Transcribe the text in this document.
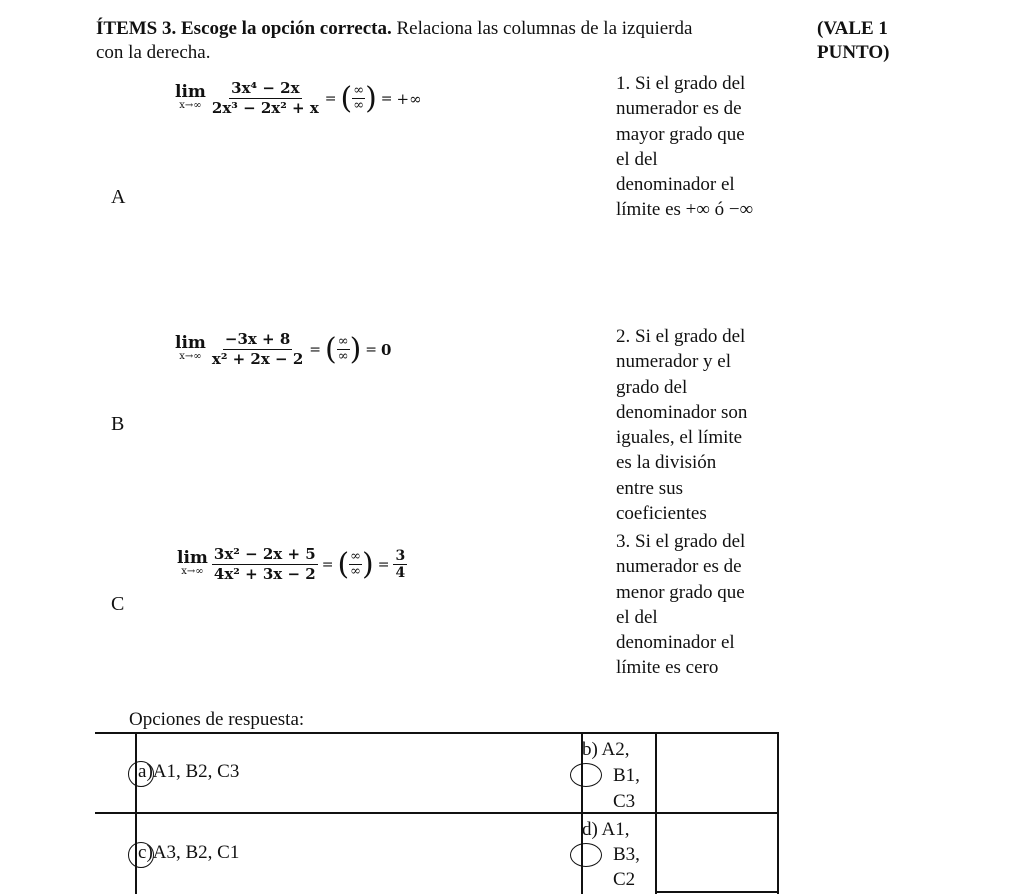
ÍTEMS 3. Escoge la opción correcta. Relaciona las columnas de la izquierda
con la derecha.
(VALE 1
PUNTO)
lim
$x\to\infty \frac{\text{3x⁴ − 2x}}{\text{2x³ − 2x² + x}}$ = ( ∞
∞ ) = +∞
A
lim
$x\to\infty \frac{-3x + 8}{\text{x² + 2x − 2}}$ = ( ∞
∞ ) = 0
B
lim
$x\to\infty \frac{\text{3x² − 2x + 5}}{\text{4x² + 3x − 2}}$ = ( ∞
∞ ) = $\frac{3}{4}$
C
1. Si el grado del
numerador es de
mayor grado que
el del
denominador el
límite es +∞ ó −∞
2. Si el grado del
numerador y el
grado del
denominador son
iguales, el límite
es la división
entre sus
coeficientes
3. Si el grado del
numerador es de
menor grado que
el del
denominador el
límite es cero
Opciones de respuesta:
a)A1, B2, C3
b) A2,
B1,
C3
c)A3, B2, C1
d) A1,
B3,
C2
